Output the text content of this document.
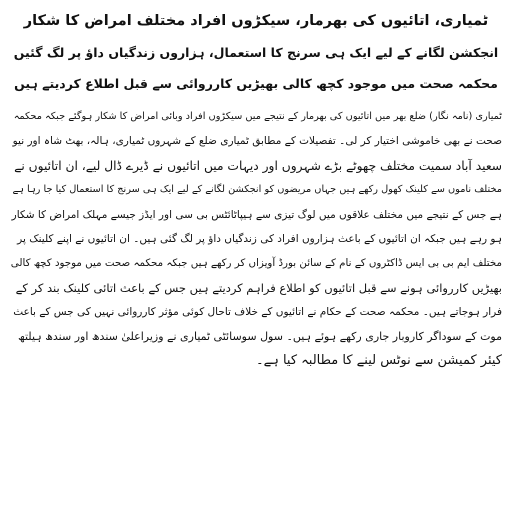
ٹمیاری، اتائیوں کی بھرمار، سیکڑوں افراد مختلف امراض کا شکار

انجکشن لگانے کے لیے ایک ہی سرنج کا استعمال، ہزاروں زندگیاں داؤ پر لگ گئیں

محکمہ صحت میں موجود کچھ کالی بھیڑیں کارروائی سے قبل اطلاع کردیتے ہیں

ٹمیاری (نامہ نگار) ضلع بھر میں اتائیوں کی بھرمار کے نتیجے میں سیکڑوں افراد وبائی امراض کا شکار ہوگئے جبکہ محکمہ

صحت نے بھی خاموشی اختیار کر لی۔ تفصیلات کے مطابق ٹمیاری ضلع کے شہروں ٹمیاری، ہالہ، بھٹ شاہ اور نیو

سعید آباد سمیت مختلف چھوٹے بڑے شہروں اور دیہات میں اتائیوں نے ڈیرے ڈال لیے، ان اتائیوں نے

مختلف ناموں سے کلینک کھول رکھے ہیں جہاں مریضوں کو انجکشن لگانے کے لیے ایک ہی سرنج کا استعمال کیا جا رہا ہے

ہے جس کے نتیجے میں مختلف علاقوں میں لوگ تیزی سے ہیپاٹائٹس بی سی اور ایڈز جیسے مہلک امراض کا شکار

ہو رہے ہیں جبکہ ان اتائیوں کے باعث ہزاروں افراد کی زندگیاں داؤ پر لگ گئی ہیں۔ ان اتائیوں نے اپنے کلینک پر

مختلف ایم بی بی ایس ڈاکٹروں کے نام کے سائن بورڈ آویزاں کر رکھے ہیں جبکہ محکمہ صحت میں موجود کچھ کالی

بھیڑیں کارروائی ہونے سے قبل اتائیوں کو اطلاع فراہم کردیتے ہیں جس کے باعث اتائی کلینک بند کر کے

فرار ہوجاتے ہیں۔ محکمہ صحت کے حکام نے اتائیوں کے خلاف تاحال کوئی مؤثر کارروائی نہیں کی جس کے باعث

موت کے سوداگر کاروبار جاری رکھے ہوئے ہیں۔ سول سوسائٹی ٹمیاری نے وزیراعلیٰ سندھ اور سندھ ہیلتھ

کیئر کمیشن سے نوٹس لینے کا مطالبہ کیا ہے۔
